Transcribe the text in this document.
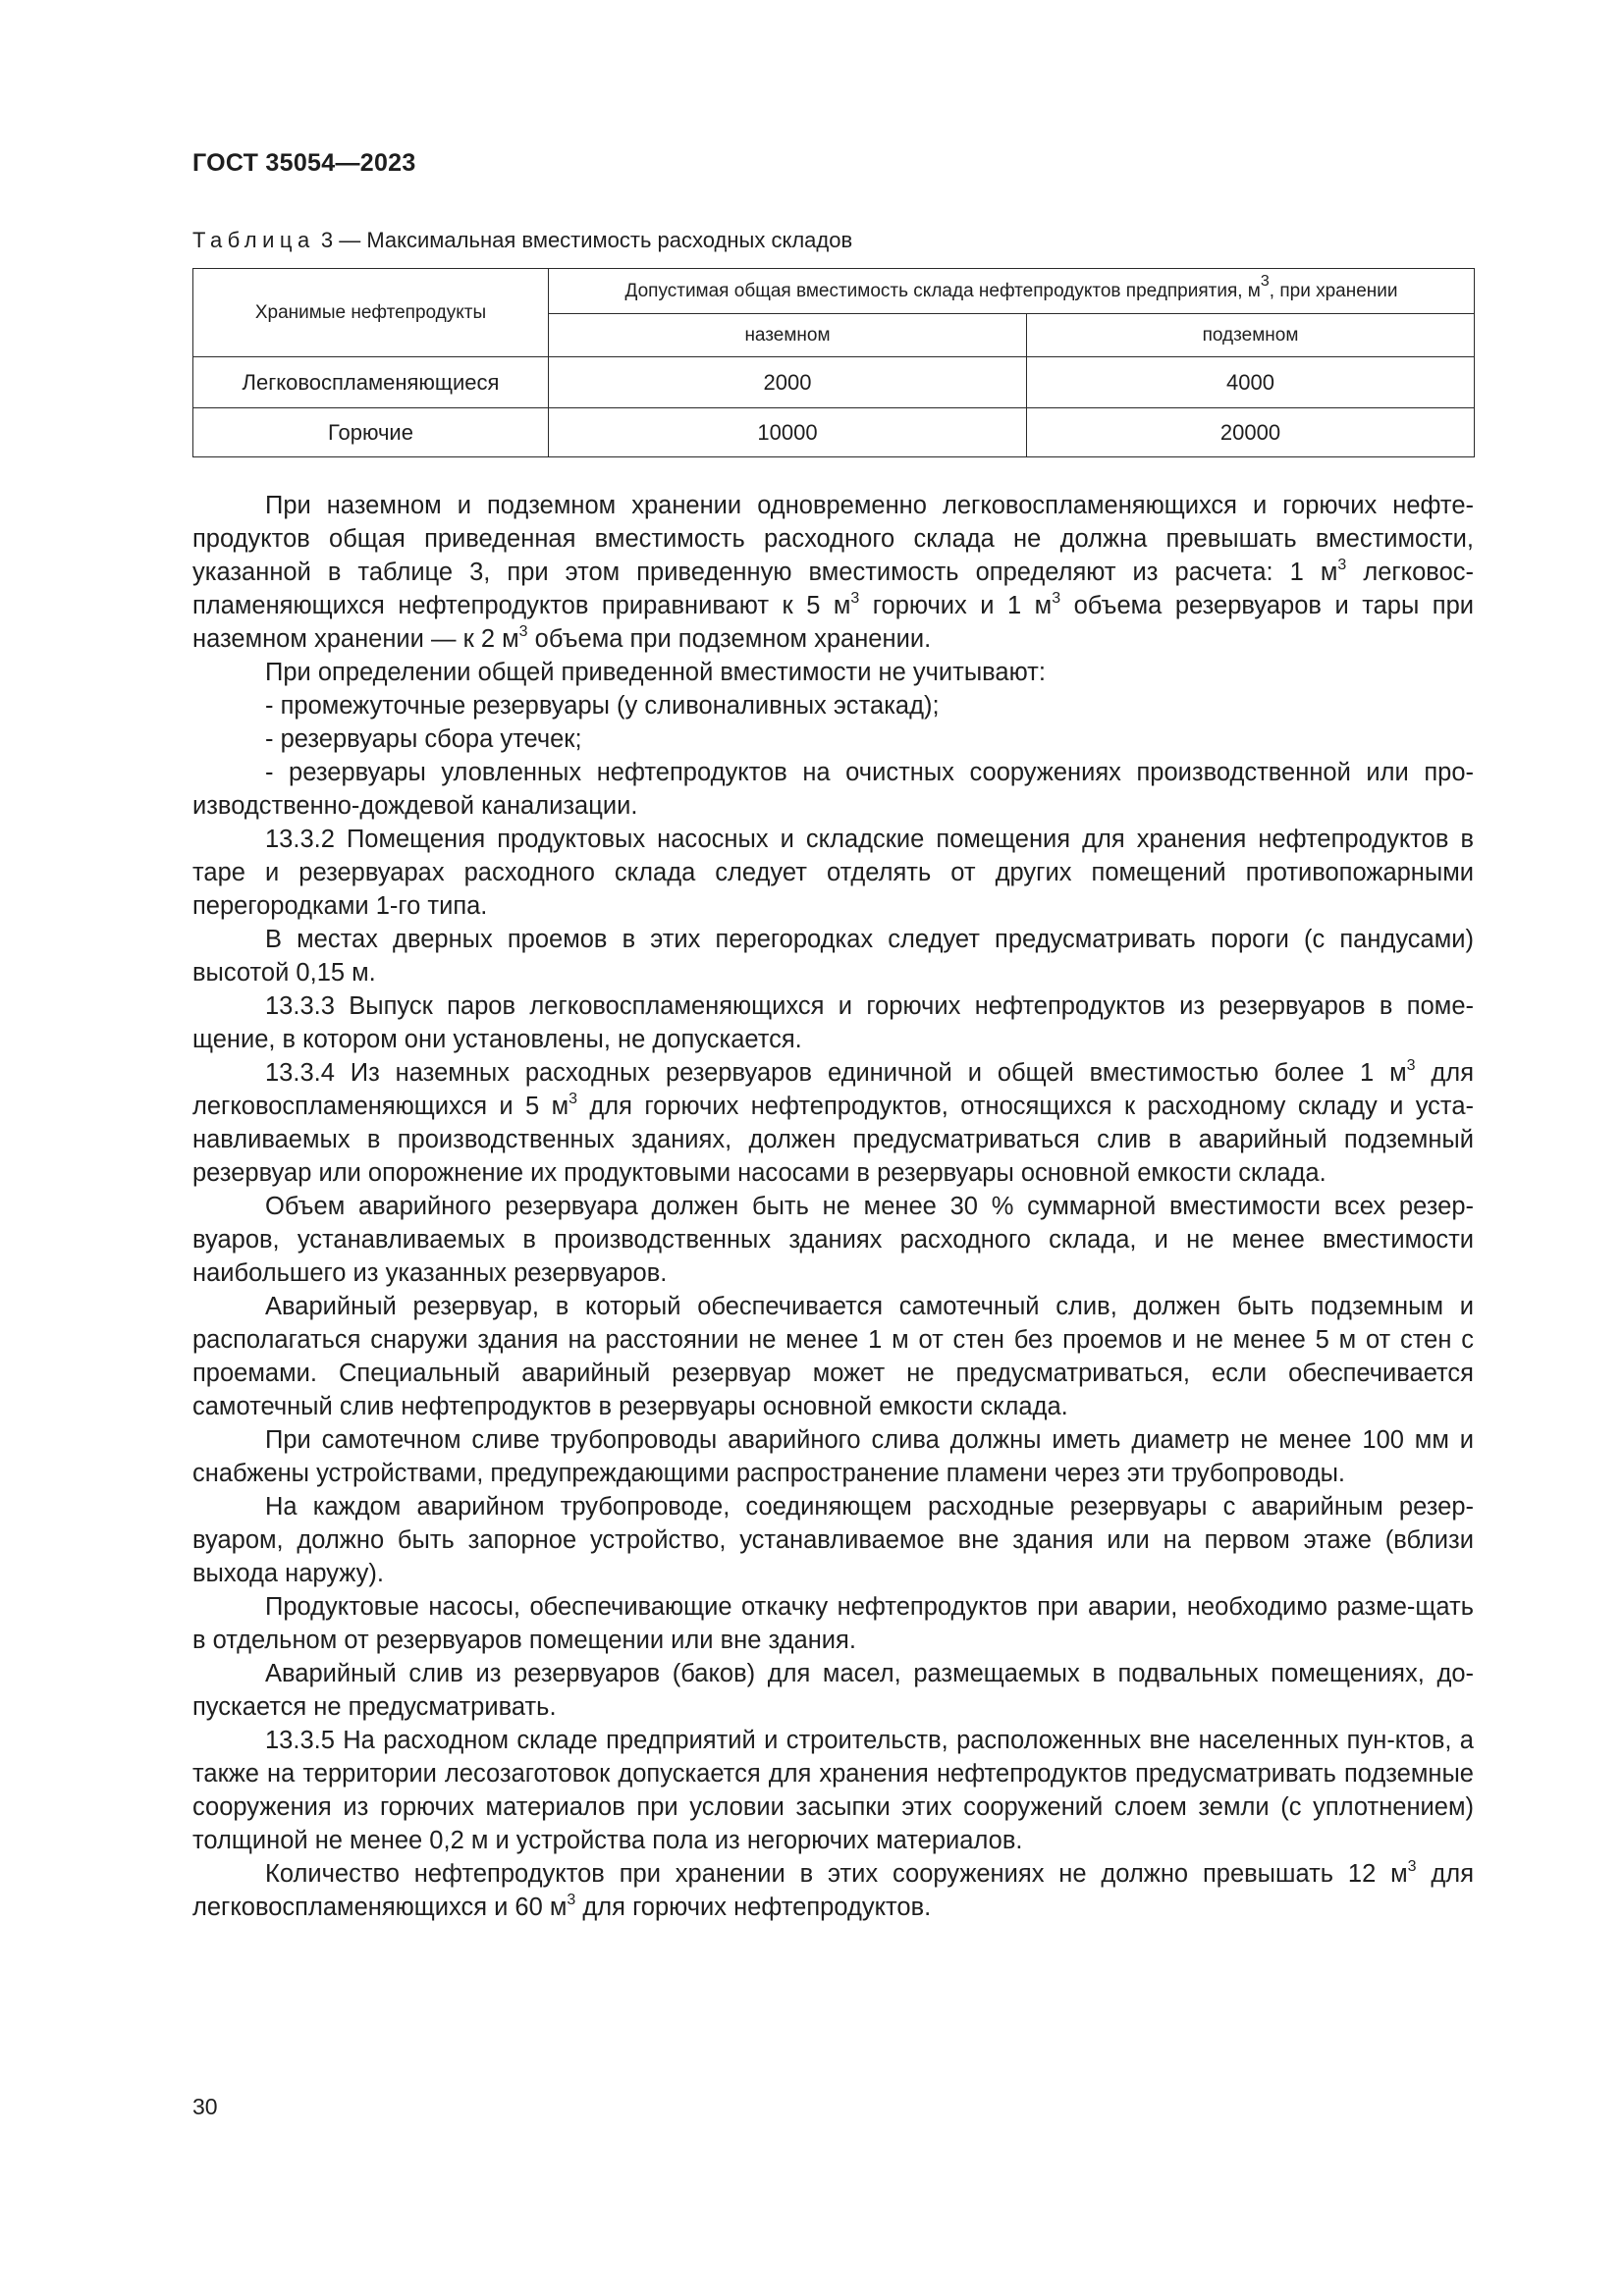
ГОСТ 35054—2023
Таблица 3 — Максимальная вместимость расходных складов
Хранимые нефтепродукты	Допустимая общая вместимость склада нефтепродуктов предприятия, $м^3$, при хранении	
	наземном	подземном
Легковоспламеняющиеся	2000	4000
Горючие	10000	20000

При наземном и подземном хранении одновременно легковоспламеняющихся и горючих нефте-продуктов общая приведенная вместимость расходного склада не должна превышать вместимости, указанной в таблице 3, при этом приведенную вместимость определяют из расчета: 1 $м^3$ легковос-пламеняющихся нефтепродуктов приравнивают к 5 $м^3$ горючих и 1 $м^3$ объема резервуаров и тары при наземном хранении — к 2 $м^3$ объема при подземном хранении.

При определении общей приведенной вместимости не учитывают:

- промежуточные резервуары (у сливоналивных эстакад);

- резервуары сбора утечек;

- резервуары уловленных нефтепродуктов на очистных сооружениях производственной или про-изводственно-дождевой канализации.

13.3.2 Помещения продуктовых насосных и складские помещения для хранения нефтепродуктов в таре и резервуарах расходного склада следует отделять от других помещений противопожарными перегородками 1-го типа.

В местах дверных проемов в этих перегородках следует предусматривать пороги (с пандусами) высотой 0,15 м.

13.3.3 Выпуск паров легковоспламеняющихся и горючих нефтепродуктов из резервуаров в поме-щение, в котором они установлены, не допускается.

13.3.4 Из наземных расходных резервуаров единичной и общей вместимостью более 1 $м^3$ для легковоспламеняющихся и 5 $м^3$ для горючих нефтепродуктов, относящихся к расходному складу и уста-навливаемых в производственных зданиях, должен предусматриваться слив в аварийный подземный резервуар или опорожнение их продуктовыми насосами в резервуары основной емкости склада.

Объем аварийного резервуара должен быть не менее 30 % суммарной вместимости всех резер-вуаров, устанавливаемых в производственных зданиях расходного склада, и не менее вместимости наибольшего из указанных резервуаров.

Аварийный резервуар, в который обеспечивается самотечный слив, должен быть подземным и располагаться снаружи здания на расстоянии не менее 1 м от стен без проемов и не менее 5 м от стен с проемами. Специальный аварийный резервуар может не предусматриваться, если обеспечивается самотечный слив нефтепродуктов в резервуары основной емкости склада.

При самотечном сливе трубопроводы аварийного слива должны иметь диаметр не менее 100 мм и снабжены устройствами, предупреждающими распространение пламени через эти трубопроводы.

На каждом аварийном трубопроводе, соединяющем расходные резервуары с аварийным резер-вуаром, должно быть запорное устройство, устанавливаемое вне здания или на первом этаже (вблизи выхода наружу).

Продуктовые насосы, обеспечивающие откачку нефтепродуктов при аварии, необходимо разме-щать в отдельном от резервуаров помещении или вне здания.

Аварийный слив из резервуаров (баков) для масел, размещаемых в подвальных помещениях, до-пускается не предусматривать.

13.3.5 На расходном складе предприятий и строительств, расположенных вне населенных пун-ктов, а также на территории лесозаготовок допускается для хранения нефтепродуктов предусматривать подземные сооружения из горючих материалов при условии засыпки этих сооружений слоем земли (с уплотнением) толщиной не менее 0,2 м и устройства пола из негорючих материалов.

Количество нефтепродуктов при хранении в этих сооружениях не должно превышать 12 $м^3$ для легковоспламеняющихся и 60 $м^3$ для горючих нефтепродуктов.

30
